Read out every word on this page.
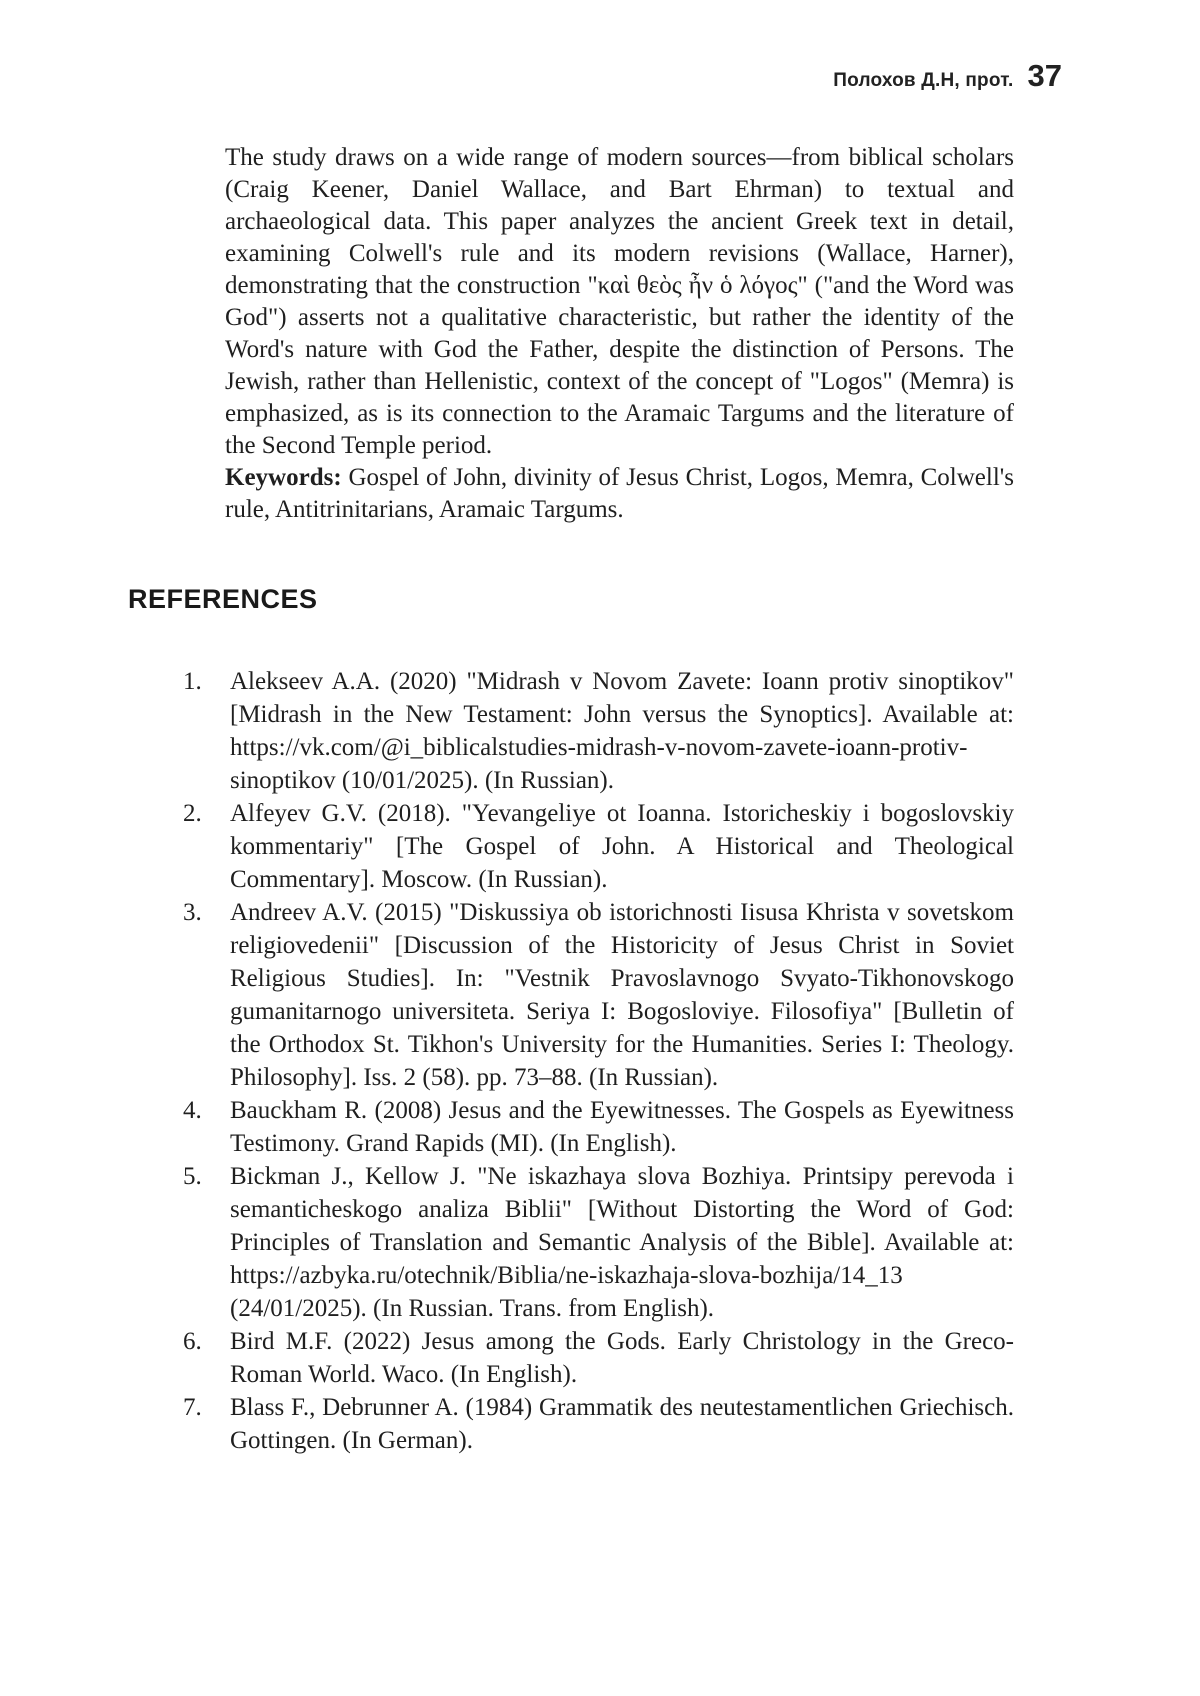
Полохов Д.Н, прот. 37
The study draws on a wide range of modern sources—from biblical scholars (Craig Keener, Daniel Wallace, and Bart Ehrman) to textual and archaeological data. This paper analyzes the ancient Greek text in detail, examining Colwell's rule and its modern revisions (Wallace, Harner), demonstrating that the construction "καὶ θεὸς ἦν ὁ λόγος" ("and the Word was God") asserts not a qualitative characteristic, but rather the identity of the Word's nature with God the Father, despite the distinction of Persons. The Jewish, rather than Hellenistic, context of the concept of "Logos" (Memra) is emphasized, as is its connection to the Aramaic Targums and the literature of the Second Temple period.
Keywords: Gospel of John, divinity of Jesus Christ, Logos, Memra, Colwell's rule, Antitrinitarians, Aramaic Targums.
REFERENCES
1.	Alekseev A.A. (2020) "Midrash v Novom Zavete: Ioann protiv sinoptikov" [Midrash in the New Testament: John versus the Synoptics]. Available at: https://vk.com/@i_biblicalstudies-midrash-v-novom-zavete-ioann-protiv-sinoptikov (10/01/2025). (In Russian).
2.	Alfeyev G.V. (2018). "Yevangeliye ot Ioanna. Istoricheskiy i bogoslovskiy kommentariy" [The Gospel of John. A Historical and Theological Commentary]. Moscow. (In Russian).
3.	Andreev A.V. (2015) "Diskussiya ob istorichnosti Iisusa Khrista v sovetskom religiovedenii" [Discussion of the Historicity of Jesus Christ in Soviet Religious Studies]. In: "Vestnik Pravoslavnogo Svyato-Tikhonovskogo gumanitarnogo universiteta. Seriya I: Bogosloviye. Filosofiya" [Bulletin of the Orthodox St. Tikhon's University for the Humanities. Series I: Theology. Philosophy]. Iss. 2 (58). pp. 73–88. (In Russian).
4.	Bauckham R. (2008) Jesus and the Eyewitnesses. The Gospels as Eyewitness Testimony. Grand Rapids (MI). (In English).
5.	Bickman J., Kellow J. "Ne iskazhaya slova Bozhiya. Printsipy perevoda i semanticheskogo analiza Biblii" [Without Distorting the Word of God: Principles of Translation and Semantic Analysis of the Bible]. Available at: https://azbyka.ru/otechnik/Biblia/ne-iskazhaja-slova-bozhija/14_13 (24/01/2025). (In Russian. Trans. from English).
6.	Bird M.F. (2022) Jesus among the Gods. Early Christology in the Greco-Roman World. Waco. (In English).
7.	Blass F., Debrunner A. (1984) Grammatik des neutestamentlichen Griechisch. Gottingen. (In German).
